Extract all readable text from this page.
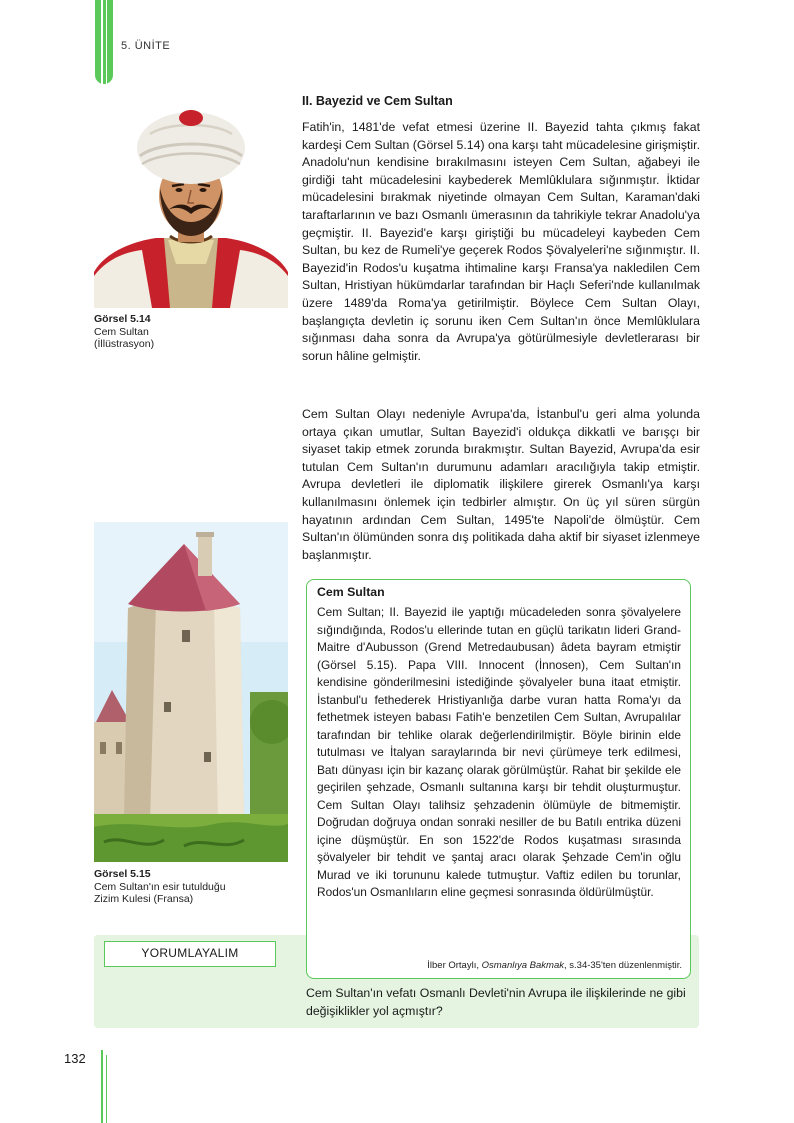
5. ÜNİTE
Görsel 5.14
Cem Sultan
(İllüstrasyon)
Görsel 5.15
Cem Sultan'ın esir tutulduğu
Zizim Kulesi (Fransa)
II. Bayezid ve Cem Sultan

Fatih'in, 1481'de vefat etmesi üzerine II. Bayezid tahta çıkmış fakat kardeşi Cem Sultan (Görsel 5.14) ona karşı taht mücadelesine girişmiştir. Anadolu'nun kendisine bırakılmasını isteyen Cem Sultan, ağabeyi ile girdiği taht mücadelesini kaybederek Memlûklulara sığınmıştır. İktidar mücadelesini bırakmak niyetinde olmayan Cem Sultan, Karaman'daki taraftarlarının ve bazı Osmanlı ümerasının da tahrikiyle tekrar Anadolu'ya geçmiştir. II. Bayezid'e karşı giriştiği bu mücadeleyi kaybeden Cem Sultan, bu kez de Rumeli'ye geçerek Rodos Şövalyeleri'ne sığınmıştır. II. Bayezid'in Rodos'u kuşatma ihtimaline karşı Fransa'ya nakledilen Cem Sultan, Hristiyan hükümdarlar tarafından bir Haçlı Seferi'nde kullanılmak üzere 1489'da Roma'ya getirilmiştir. Böylece Cem Sultan Olayı, başlangıçta devletin iç sorunu iken Cem Sultan'ın önce Memlûklulara sığınması daha sonra da Avrupa'ya götürülmesiyle devletlerarası bir sorun hâline gelmiştir.

Cem Sultan Olayı nedeniyle Avrupa'da, İstanbul'u geri alma yolunda ortaya çıkan umutlar, Sultan Bayezid'i oldukça dikkatli ve barışçı bir siyaset takip etmek zorunda bırakmıştır. Sultan Bayezid, Avrupa'da esir tutulan Cem Sultan'ın durumunu adamları aracılığıyla takip etmiştir. Avrupa devletleri ile diplomatik ilişkilere girerek Osmanlı'ya karşı kullanılmasını önlemek için tedbirler almıştır. On üç yıl süren sürgün hayatının ardından Cem Sultan, 1495'te Napoli'de ölmüştür. Cem Sultan'ın ölümünden sonra dış politikada daha aktif bir siyaset izlenmeye başlanmıştır.

Cem Sultan

Cem Sultan; II. Bayezid ile yaptığı mücadeleden sonra şövalyelere sığındığında, Rodos'u ellerinde tutan en güçlü tarikatın lideri Grand-Maitre d'Aubusson (Grend Metredaubusan) âdeta bayram etmiştir (Görsel 5.15). Papa VIII. Innocent (İnnosen), Cem Sultan'ın kendisine gönderilmesini istediğinde şövalyeler buna itaat etmiştir. İstanbul'u fethederek Hristiyanlığa darbe vuran hatta Roma'yı da fethetmek isteyen babası Fatih'e benzetilen Cem Sultan, Avrupalılar tarafından bir tehlike olarak değerlendirilmiştir. Böyle birinin elde tutulması ve İtalyan saraylarında bir nevi çürümeye terk edilmesi, Batı dünyası için bir kazanç olarak görülmüştür. Rahat bir şekilde ele geçirilen şehzade, Osmanlı sultanına karşı bir tehdit oluşturmuştur. Cem Sultan Olayı talihsiz şehzadenin ölümüyle de bitmemiştir. Doğrudan doğruya ondan sonraki nesiller de bu Batılı entrika düzeni içine düşmüştür. En son 1522'de Rodos kuşatması sırasında şövalyeler bir tehdit ve şantaj aracı olarak Şehzade Cem'in oğlu Murad ve iki torununu kalede tutmuştur. Vaftiz edilen bu torunlar, Rodos'un Osmanlıların eline geçmesi sonrasında öldürülmüştür.

İlber Ortaylı, Osmanlıya Bakmak, s.34-35'ten düzenlenmiştir.
YORUMLAYALIM

Cem Sultan'ın vefatı Osmanlı Devleti'nin Avrupa ile ilişkilerinde ne gibi değişiklikler yol açmıştır?

132
